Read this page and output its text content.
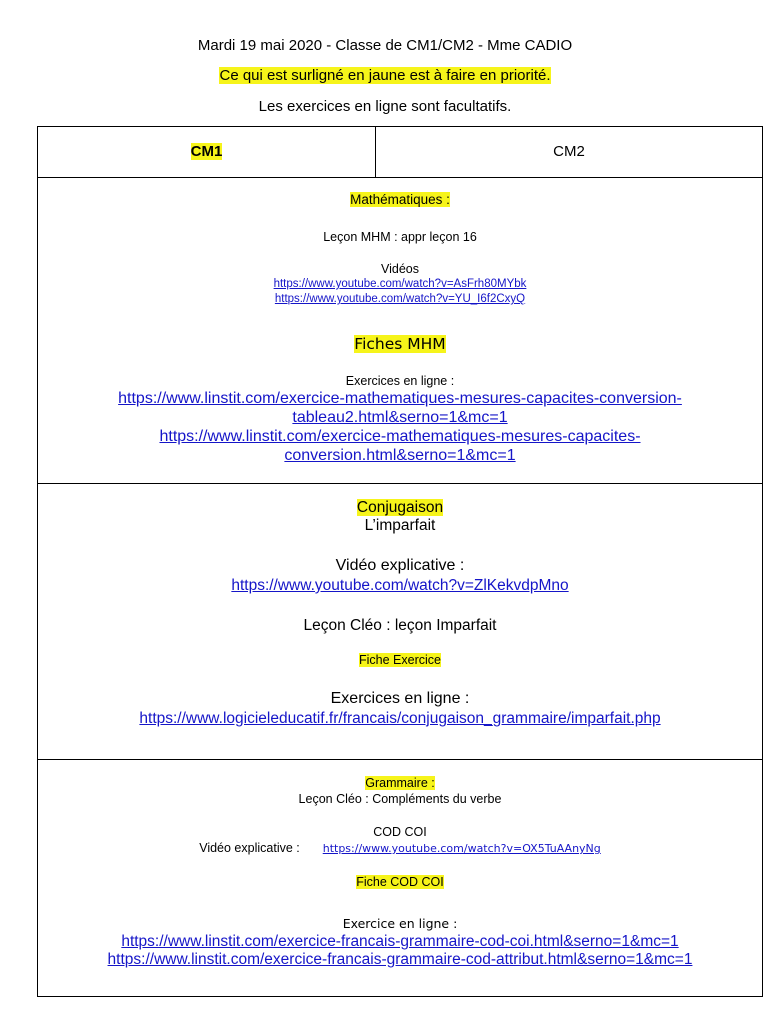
Mardi 19 mai 2020 - Classe de CM1/CM2 - Mme CADIO
Ce qui est surligné en jaune est à faire en priorité.
Les exercices en ligne sont facultatifs.
CM1	CM2
Mathématiques :
Leçon MHM : appr leçon 16
Vidéos
https://www.youtube.com/watch?v=AsFrh80MYbk
https://www.youtube.com/watch?v=YU_I6f2CxyQ
Fiches MHM
Exercices en ligne :
https://www.linstit.com/exercice-mathematiques-mesures-capacites-conversion-
tableau2.html&serno=1&mc=1
https://www.linstit.com/exercice-mathematiques-mesures-capacites-
conversion.html&serno=1&mc=1
Conjugaison
L’imparfait
Vidéo explicative :
https://www.youtube.com/watch?v=ZlKekvdpMno
Leçon Cléo : leçon Imparfait
Fiche Exercice
Exercices en ligne :
https://www.logicieleducatif.fr/francais/conjugaison_grammaire/imparfait.php
Grammaire :
Leçon Cléo : Compléments du verbe
COD COI
Vidéo explicative : https://www.youtube.com/watch?v=OX5TuAAnyNg
Fiche COD COI
Exercice en ligne :
https://www.linstit.com/exercice-francais-grammaire-cod-coi.html&serno=1&mc=1
https://www.linstit.com/exercice-francais-grammaire-cod-attribut.html&serno=1&mc=1
